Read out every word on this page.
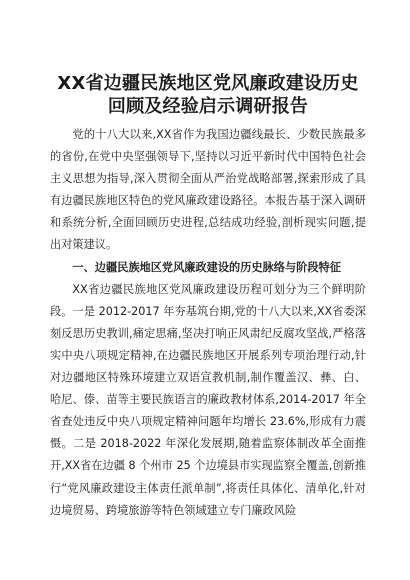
XX省边疆民族地区党风廉政建设历史回顾及经验启示调研报告

党的十八大以来,XX省作为我国边疆线最长、少数民族最多的省份,在党中央坚强领导下,坚持以习近平新时代中国特色社会主义思想为指导,深入贯彻全面从严治党战略部署,探索形成了具有边疆民族地区特色的党风廉政建设路径。本报告基于深入调研和系统分析,全面回顾历史进程,总结成功经验,剖析现实问题,提出对策建议。

一、边疆民族地区党风廉政建设的历史脉络与阶段特征

XX省边疆民族地区党风廉政建设历程可划分为三个鲜明阶段。一是 2012-2017 年夯基筑台期,党的十八大以来,XX省委深刻反思历史教训,痛定思痛,坚决打响正风肃纪反腐攻坚战,严格落实中央八项规定精神,在边疆民族地区开展系列专项治理行动,针对边疆地区特殊环境建立双语宣教机制,制作覆盖汉、彝、白、哈尼、傣、苗等主要民族语言的廉政教材体系,2014-2017 年全省查处违反中央八项规定精神问题年均增长 23.6%,形成有力震慑。二是 2018-2022 年深化发展期,随着监察体制改革全面推开,XX省在边疆 8 个州市 25 个边境县市实现监察全覆盖,创新推行“党风廉政建设主体责任派单制”,将责任具体化、清单化,针对边境贸易、跨境旅游等特色领域建立专门廉政风险
